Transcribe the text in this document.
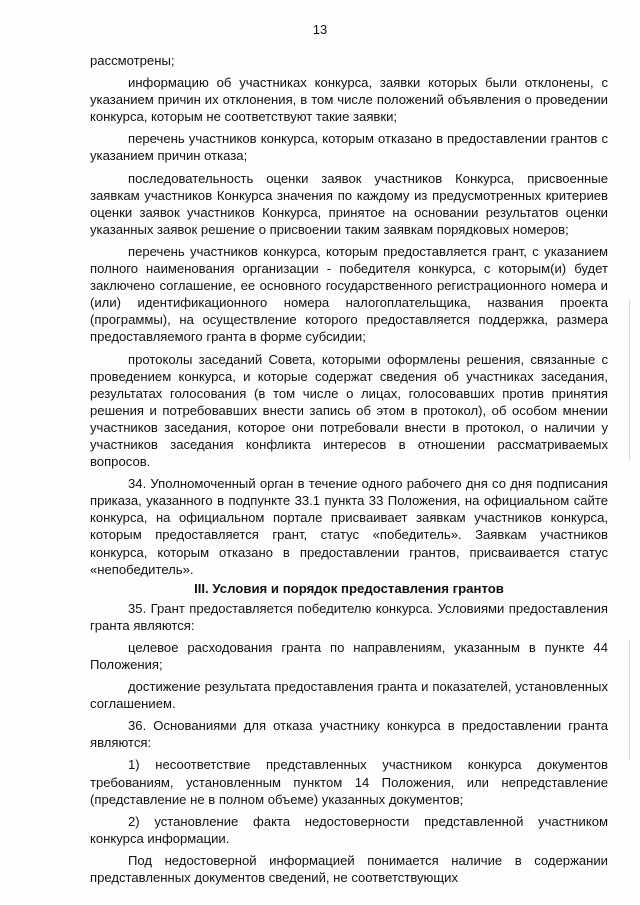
13

рассмотрены;

информацию об участниках конкурса, заявки которых были отклонены, с указанием причин их отклонения, в том числе положений объявления о проведении конкурса, которым не соответствуют такие заявки;

перечень участников конкурса, которым отказано в предоставлении грантов с указанием причин отказа;

последовательность оценки заявок участников Конкурса, присвоенные заявкам участников Конкурса значения по каждому из предусмотренных критериев оценки заявок участников Конкурса, принятое на основании результатов оценки указанных заявок решение о присвоении таким заявкам порядковых номеров;

перечень участников конкурса, которым предоставляется грант, с указанием полного наименования организации - победителя конкурса, с которым(и) будет заключено соглашение, ее основного государственного регистрационного номера и (или) идентификационного номера налогоплательщика, названия проекта (программы), на осуществление которого предоставляется поддержка, размера предоставляемого гранта в форме субсидии;

протоколы заседаний Совета, которыми оформлены решения, связанные с проведением конкурса, и которые содержат сведения об участниках заседания, результатах голосования (в том числе о лицах, голосовавших против принятия решения и потребовавших внести запись об этом в протокол), об особом мнении участников заседания, которое они потребовали внести в протокол, о наличии у участников заседания конфликта интересов в отношении рассматриваемых вопросов.

34. Уполномоченный орган в течение одного рабочего дня со дня подписания приказа, указанного в подпункте 33.1 пункта 33 Положения, на официальном сайте конкурса, на официальном портале присваивает заявкам участников конкурса, которым предоставляется грант, статус «победитель». Заявкам участников конкурса, которым отказано в предоставлении грантов, присваивается статус «непобедитель».

III. Условия и порядок предоставления грантов

35. Грант предоставляется победителю конкурса. Условиями предоставления гранта являются:

целевое расходования гранта по направлениям, указанным в пункте 44 Положения;

достижение результата предоставления гранта и показателей, установленных соглашением.

36. Основаниями для отказа участнику конкурса в предоставлении гранта являются:

1) несоответствие представленных участником конкурса документов требованиям, установленным пунктом 14 Положения, или непредставление (представление не в полном объеме) указанных документов;

2) установление факта недостоверности представленной участником конкурса информации.

Под недостоверной информацией понимается наличие в содержании представленных документов сведений, не соответствующих
